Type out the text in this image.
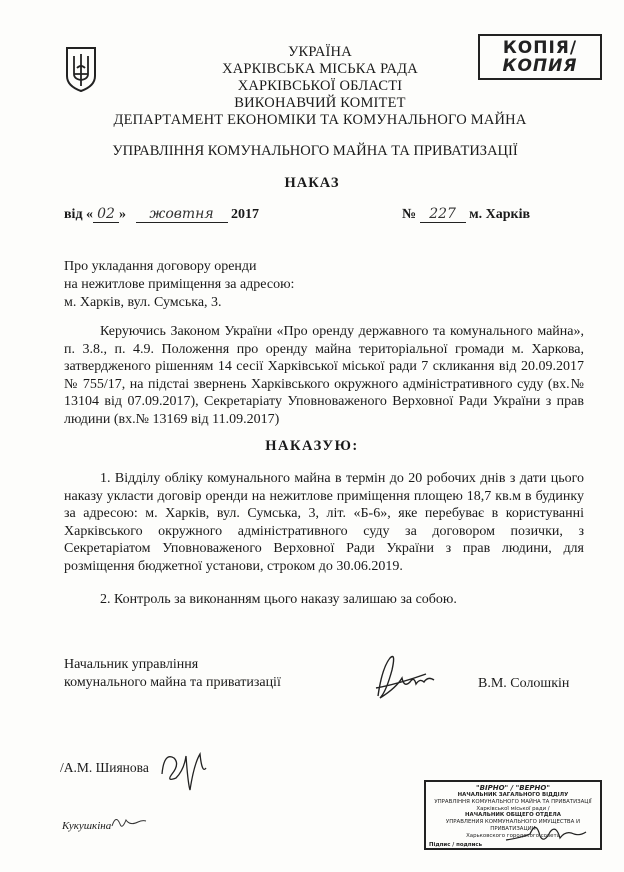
КОПІЯ/
КОПИЯ
УКРАЇНА
ХАРКІВСЬКА МІСЬКА РАДА
ХАРКІВСЬКОЇ ОБЛАСТІ
ВИКОНАВЧИЙ КОМІТЕТ
ДЕПАРТАМЕНТ ЕКОНОМІКИ ТА КОМУНАЛЬНОГО МАЙНА
УПРАВЛІННЯ КОМУНАЛЬНОГО МАЙНА ТА ПРИВАТИЗАЦІЇ
НАКАЗ
від « 02 » жовтня 2017	№ 227 м. Харків
Про укладання договору оренди
на нежитлове приміщення за адресою:
м. Харків, вул. Сумська, 3.
Керуючись Законом України «Про оренду державного та комунального майна», п. 3.8., п. 4.9. Положення про оренду майна територіальної громади м. Харкова, затвердженого рішенням 14 сесії Харківської міської ради 7 скликання від 20.09.2017 № 755/17, на підстаі звернень Харківського окружного адміністративного суду (вх.№ 13104 від 07.09.2017), Секретаріату Уповноваженого Верховної Ради України з прав людини (вх.№ 13169 від 11.09.2017)
НАКАЗУЮ:
1. Відділу обліку комунального майна в термін до 20 робочих днів з дати цього наказу укласти договір оренди на нежитлове приміщення площею 18,7 кв.м в будинку за адресою: м. Харків, вул. Сумська, 3, літ. «Б-6», яке перебуває в користуванні Харківського окружного адміністративного суду за договором позички, з Секретаріатом Уповноваженого Верховної Ради України з прав людини, для розміщення бюджетної установи, строком до 30.06.2019.
2. Контроль за виконанням цього наказу залишаю за собою.
Начальник управління
комунального майна та приватизації	В.М. Солошкін
/А.М. Шиянова
Кукушкіна
"ВІРНО" / "ВЕРНО"
НАЧАЛЬНИК ЗАГАЛЬНОГО ВІДДІЛУ
УПРАВЛІННЯ КОМУНАЛЬНОГО МАЙНА ТА ПРИВАТИЗАЦІЇ
Харківської міської ради /
НАЧАЛЬНИК ОБЩЕГО ОТДЕЛА
УПРАВЛЕНИЯ КОММУНАЛЬНОГО ИМУЩЕСТВА И ПРИВАТИЗАЦИИ
Харьковского городского совета
Підпис / подпись
